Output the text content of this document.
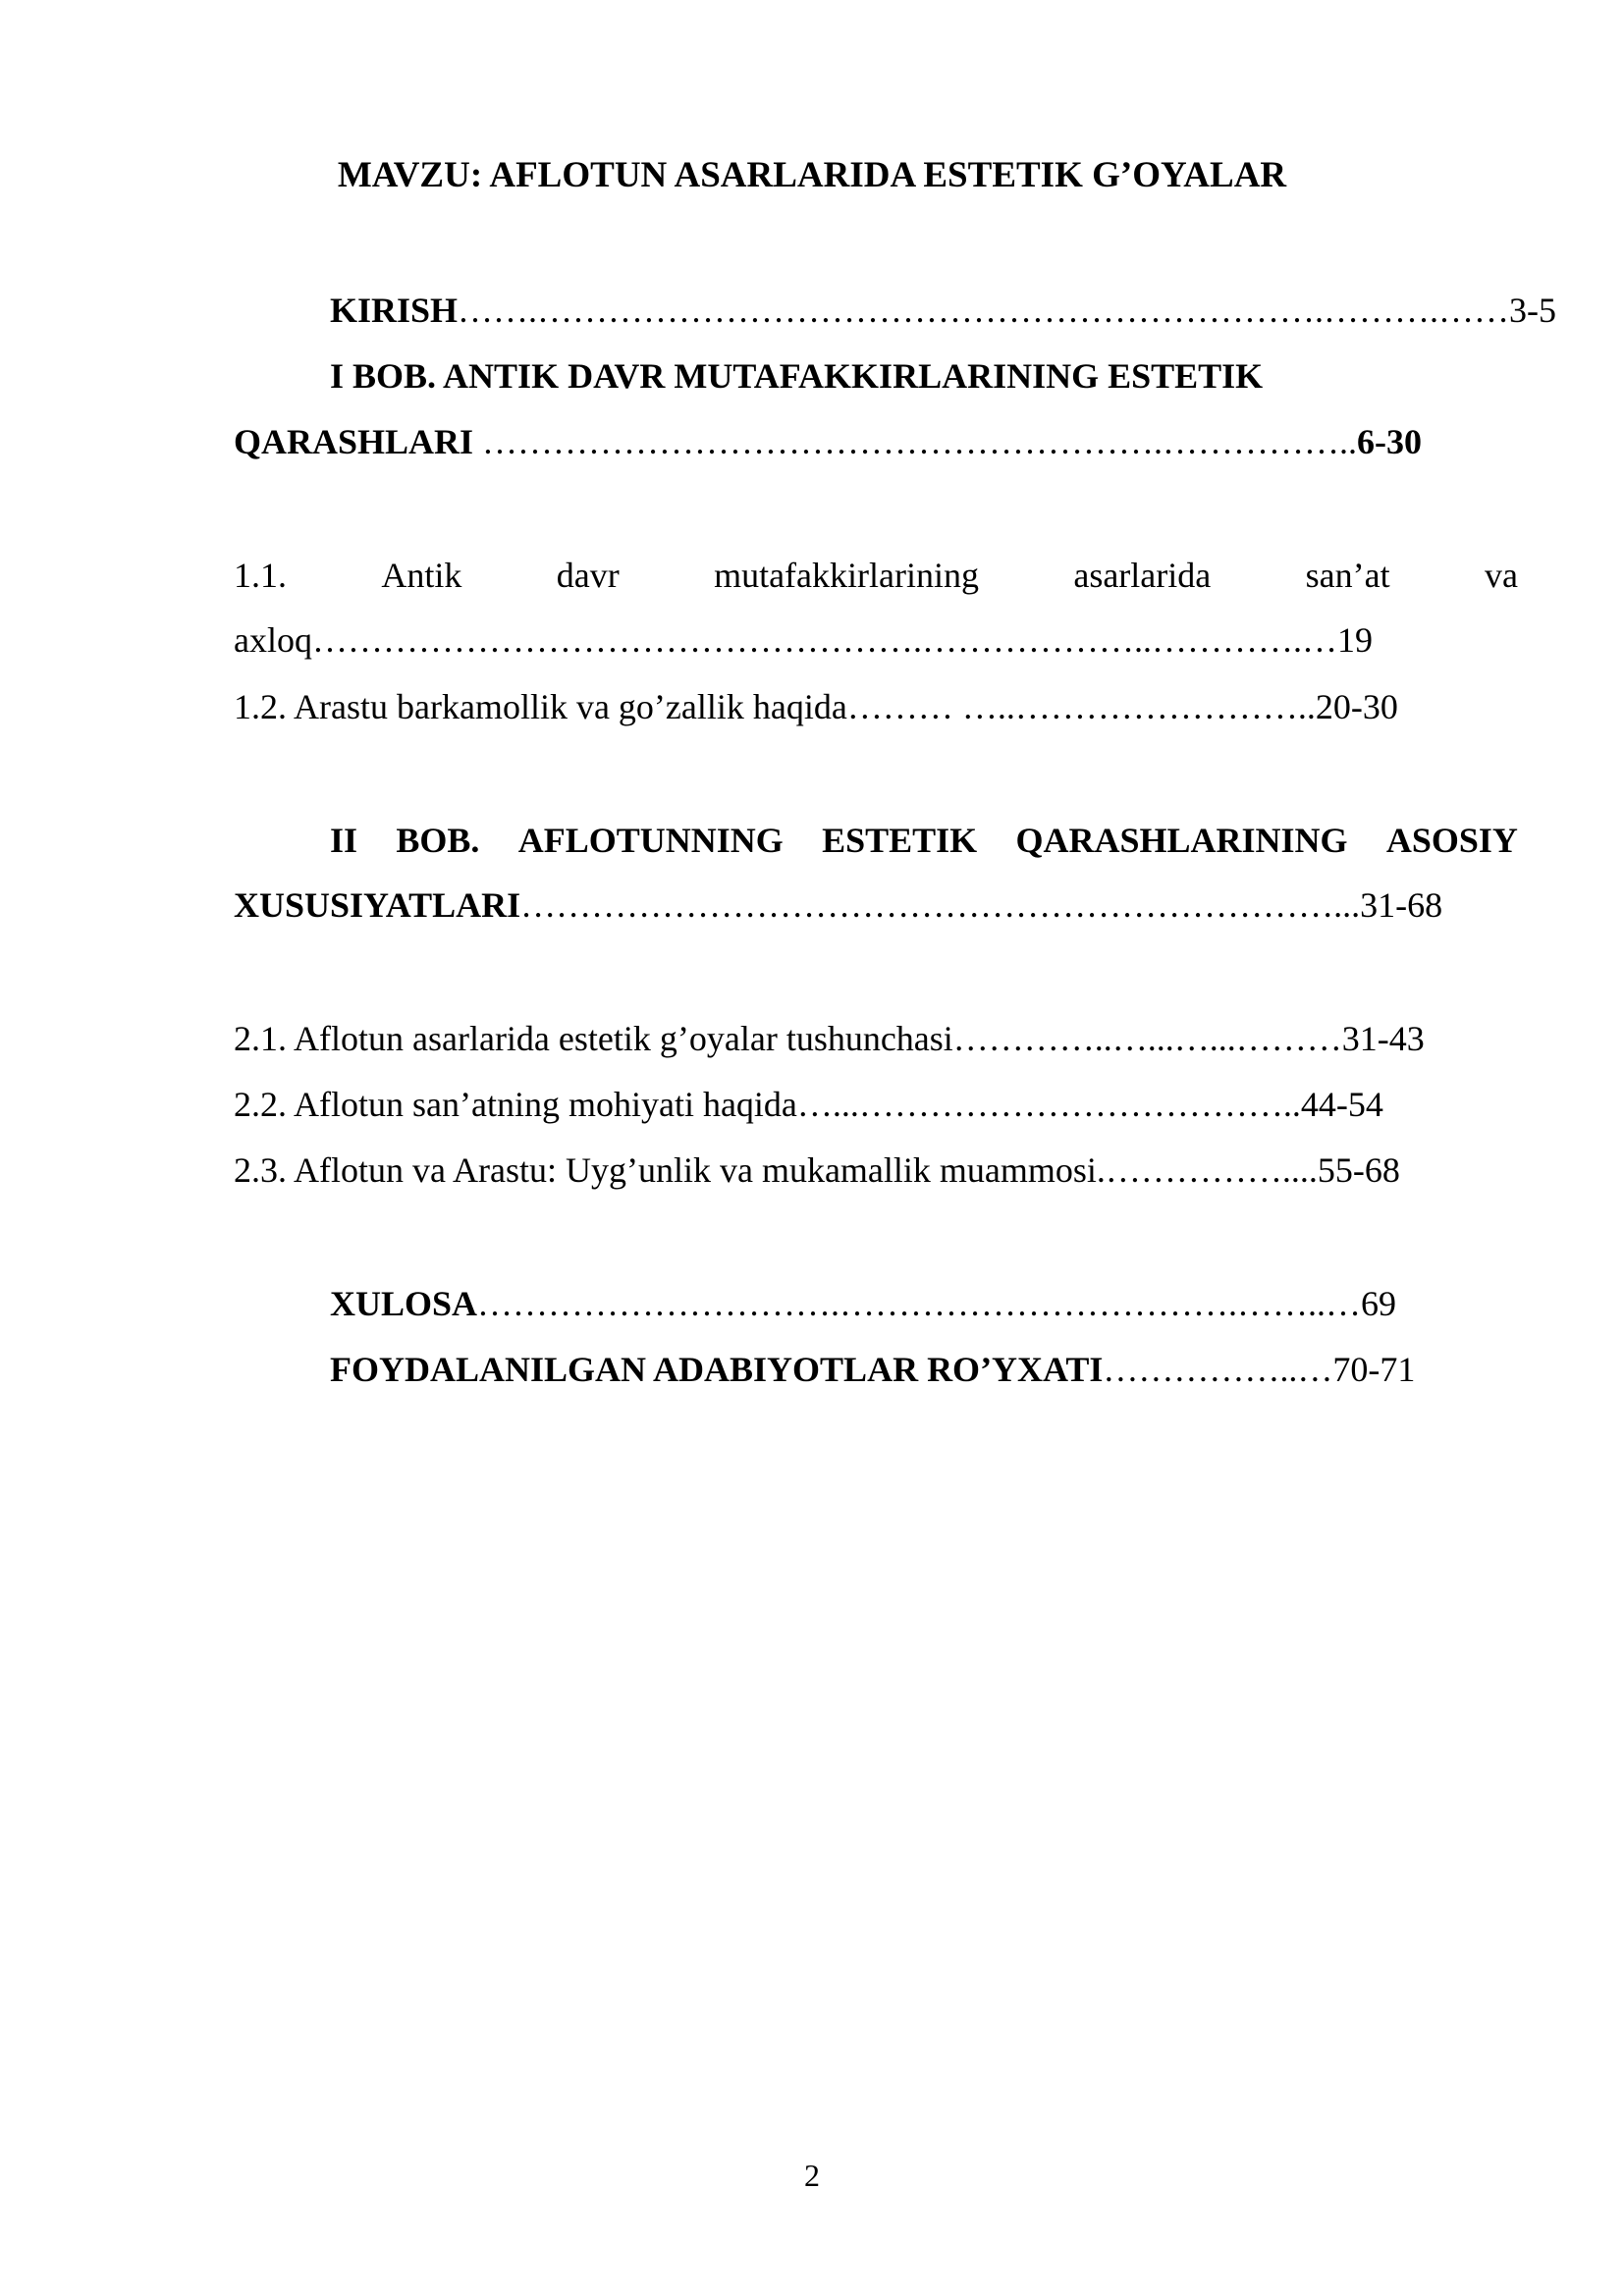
MAVZU: AFLOTUN ASARLARIDA ESTETIK G’OYALAR
KIRISH…….………………………………………………………….……….……3-5
I BOB. ANTIK DAVR MUTAFAKKIRLARINING ESTETIK
QARASHLARI ………………………………………………….……………..6-30
1.1.	Antik	davr	mutafakkirlarining	asarlarida	san’at	va
axloq…………………………………………….………………..………….…19
1.2. Arastu barkamollik va go’zallik haqida……… …..……………………..20-30
II BOB. AFLOTUNNING ESTETIK QARASHLARINING ASOSIY
XUSUSIYATLARI……………………………………………………………...31-68
2.1. Aflotun asarlarida estetik g’oyalar tushunchasi…………..…...…...………31-43
2.2. Aflotun san’atning mohiyati haqida…...………………………………..44-54
2.3. Aflotun va Arastu: Uyg’unlik va mukamallik muammosi.……………....55-68
XULOSA………………………….…………………………….……..…69
FOYDALANILGAN ADABIYOTLAR RO’YXATI……………..…70-71
2
